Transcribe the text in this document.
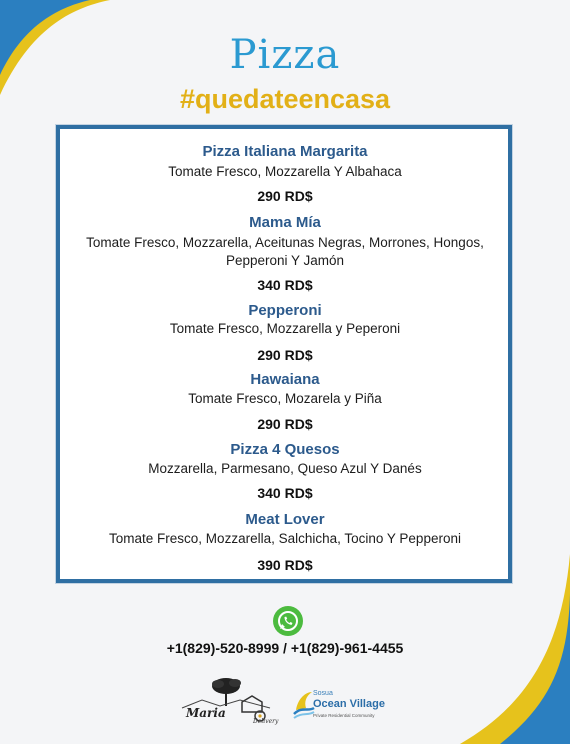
Pizza
#quedateencasa
Pizza Italiana Margarita
Tomate Fresco, Mozzarella Y Albahaca
290 RD$
Mama Mía
Tomate Fresco, Mozzarella, Aceitunas Negras, Morrones, Hongos, Pepperoni Y Jamón
340 RD$
Pepperoni
Tomate Fresco, Mozzarella y Peperoni
290 RD$
Hawaiana
Tomate Fresco, Mozarela y Piña
290 RD$
Pizza 4 Quesos
Mozzarella, Parmesano, Queso Azul Y Danés
340 RD$
Meat Lover
Tomate Fresco, Mozzarella, Salchicha, Tocino Y Pepperoni
390 RD$
+1(829)-520-8999 / +1(829)-961-4455
Maria
Delivery
Sosua
Ocean Village
Private Residential Community
